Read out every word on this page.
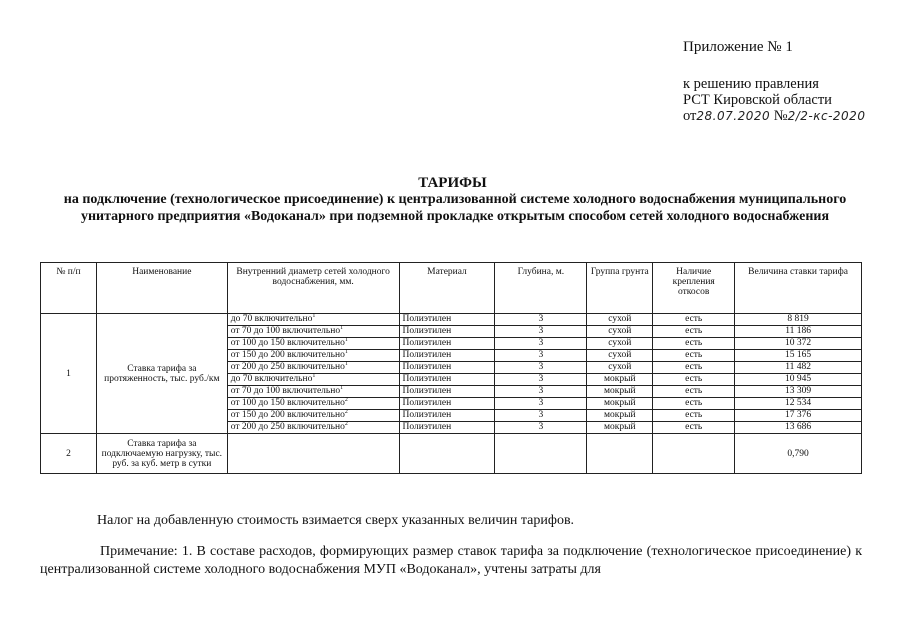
Приложение № 1
к решению правления
РСТ Кировской области
от28.07.2020 №2/2-кс-2020
ТАРИФЫ
на подключение (технологическое присоединение) к централизованной системе холодного водоснабжения муниципального унитарного предприятия «Водоканал» при подземной прокладке открытым способом сетей холодного водоснабжения
№ п/п	Наименование	Внутренний диаметр сетей холодного водоснабжения, мм.	Материал	Глубина, м.	Группа грунта	Наличие крепления откосов	Величина ставки тарифа
1	Ставка тарифа за протяженность, тыс. руб./км	до 70 включительно$^1$	Полиэтилен	3	сухой	есть	8 819
		от 70 до 100 включительно$^1$	Полиэтилен	3	сухой	есть	11 186
		от 100 до 150 включительно$^1$	Полиэтилен	3	сухой	есть	10 372
		от 150 до 200 включительно$^1$	Полиэтилен	3	сухой	есть	15 165
		от 200 до 250 включительно$^1$	Полиэтилен	3	сухой	есть	11 482
		до 70 включительно$^1$	Полиэтилен	3	мокрый	есть	10 945
		от 70 до 100 включительно$^1$	Полиэтилен	3	мокрый	есть	13 309
		от 100 до 150 включительно$^2$	Полиэтилен	3	мокрый	есть	12 534
		от 150 до 200 включительно$^2$	Полиэтилен	3	мокрый	есть	17 376
		от 200 до 250 включительно$^2$	Полиэтилен	3	мокрый	есть	13 686
2	Ставка тарифа за подключаемую нагрузку, тыс. руб. за куб. метр в сутки						0,790
Налог на добавленную стоимость взимается сверх указанных величин тарифов.
Примечание: 1. В составе расходов, формирующих размер ставок тарифа за подключение (технологическое присоединение) к централизованной системе холодного водоснабжения МУП «Водоканал», учтены затраты для
